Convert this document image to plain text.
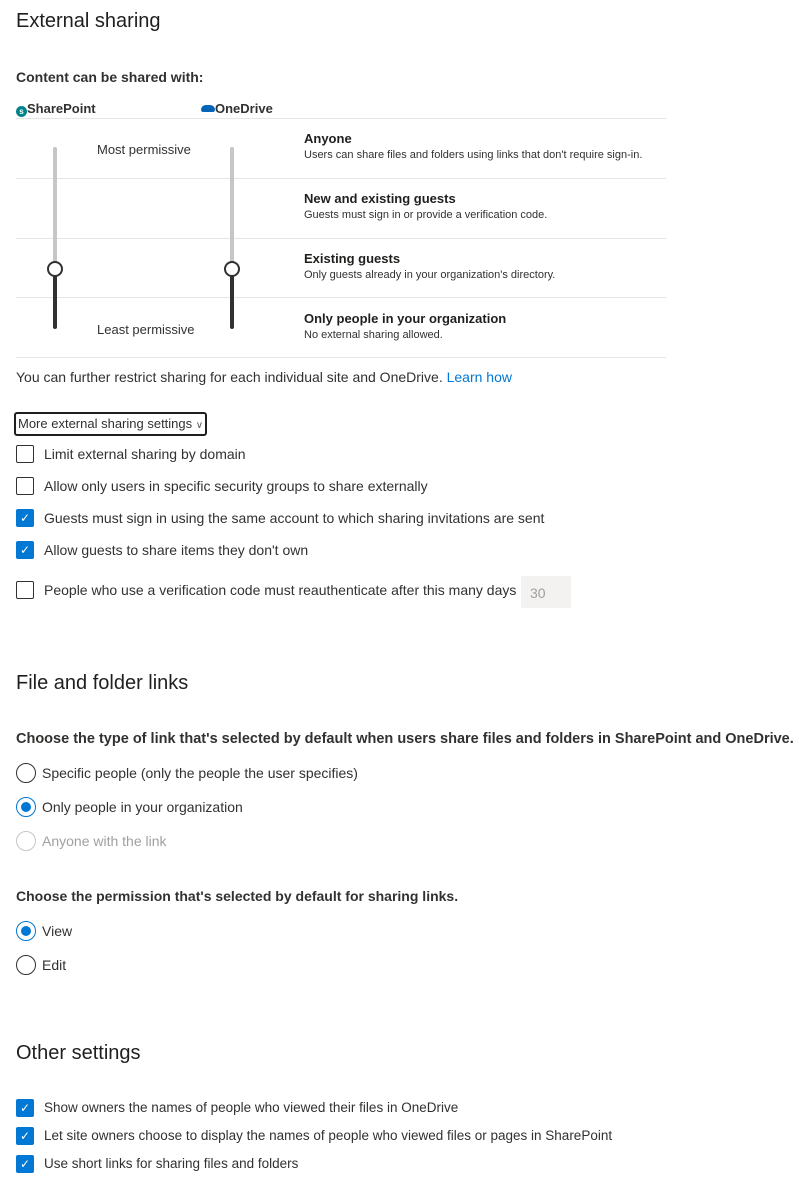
External sharing
Content can be shared with:
s SharePoint	OneDrive
Most permissive
Least permissive
Anyone
Users can share files and folders using links that don't require sign-in.
New and existing guests
Guests must sign in or provide a verification code.
Existing guests
Only guests already in your organization's directory.
Only people in your organization
No external sharing allowed.
You can further restrict sharing for each individual site and OneDrive. Learn how
More external sharing settings ∨
Limit external sharing by domain
Allow only users in specific security groups to share externally
✓ Guests must sign in using the same account to which sharing invitations are sent
✓ Allow guests to share items they don't own
People who use a verification code must reauthenticate after this many days 30
File and folder links
Choose the type of link that's selected by default when users share files and folders in SharePoint and OneDrive.
Specific people (only the people the user specifies)
Only people in your organization
Anyone with the link
Choose the permission that's selected by default for sharing links.
View
Edit
Other settings
✓ Show owners the names of people who viewed their files in OneDrive
✓ Let site owners choose to display the names of people who viewed files or pages in SharePoint
✓ Use short links for sharing files and folders
